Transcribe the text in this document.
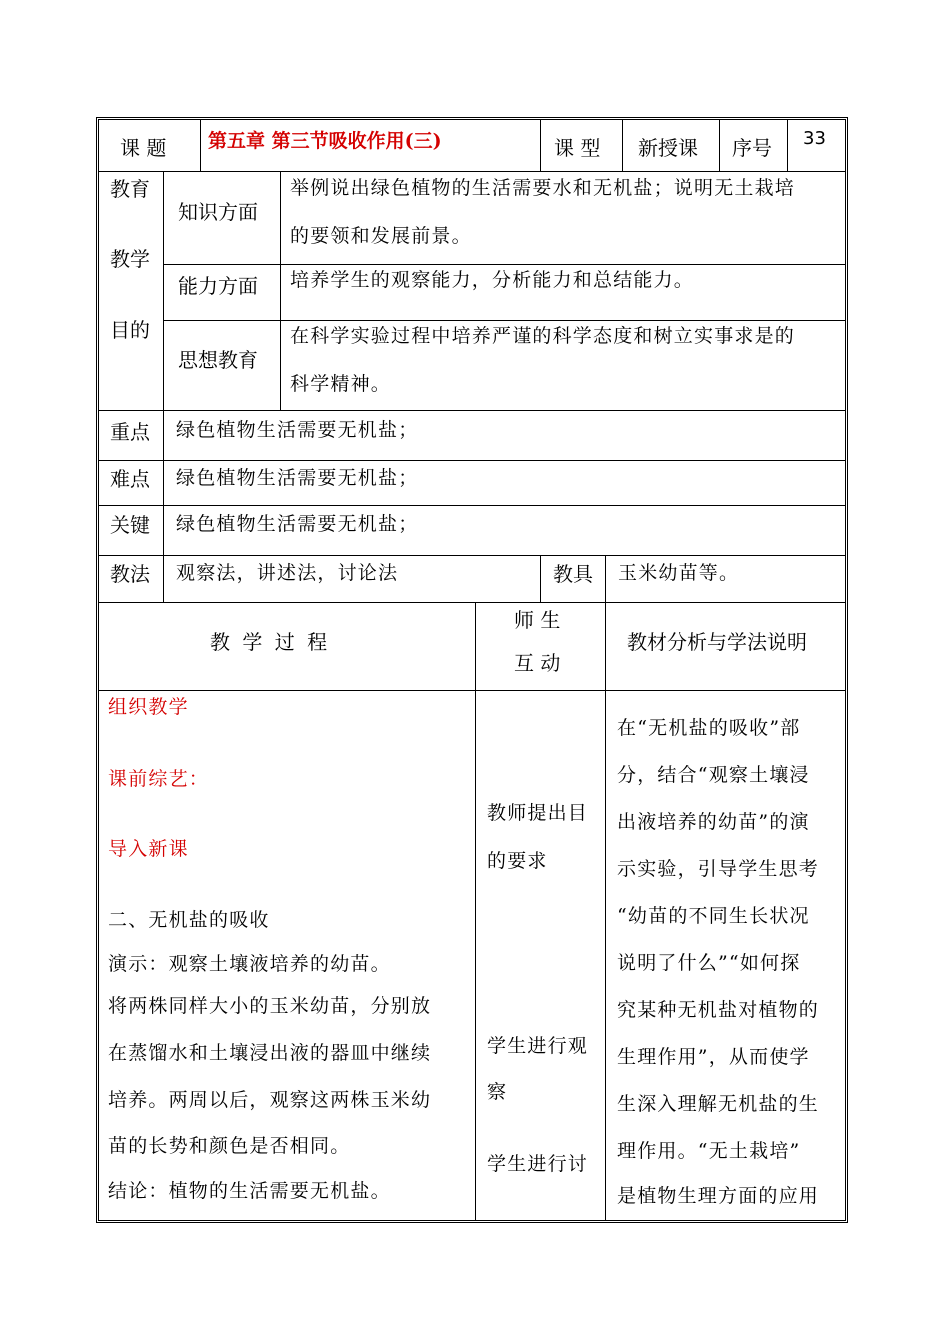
课 题 第五章 第三节吸收作用(三)	课 型 新授课 序号 33
教育
教学
目的
知识方面
举例说出绿色植物的生活需要水和无机盐；说明无土栽培
的要领和发展前景。
能力方面 培养学生的观察能力，分析能力和总结能力。
思想教育
在科学实验过程中培养严谨的科学态度和树立实事求是的
科学精神。
重点 绿色植物生活需要无机盐；
难点 绿色植物生活需要无机盐；
关键 绿色植物生活需要无机盐；
教法 观察法，讲述法，讨论法	教具 玉米幼苗等。
教 学 过 程
师 生
互 动
教材分析与学法说明
组织教学
课前综艺：
导入新课
二、无机盐的吸收
演示：观察土壤液培养的幼苗。
将两株同样大小的玉米幼苗，分别放
在蒸馏水和土壤浸出液的器皿中继续
培养。两周以后，观察这两株玉米幼
苗的长势和颜色是否相同。
结论：植物的生活需要无机盐。
教师提出目
的要求
学生进行观
察
学生进行讨
在“无机盐的吸收”部
分，结合“观察土壤浸
出液培养的幼苗”的演
示实验，引导学生思考
“幼苗的不同生长状况
说明了什么”“如何探
究某种无机盐对植物的
生理作用”，从而使学
生深入理解无机盐的生
理作用。“无土栽培”
是植物生理方面的应用
